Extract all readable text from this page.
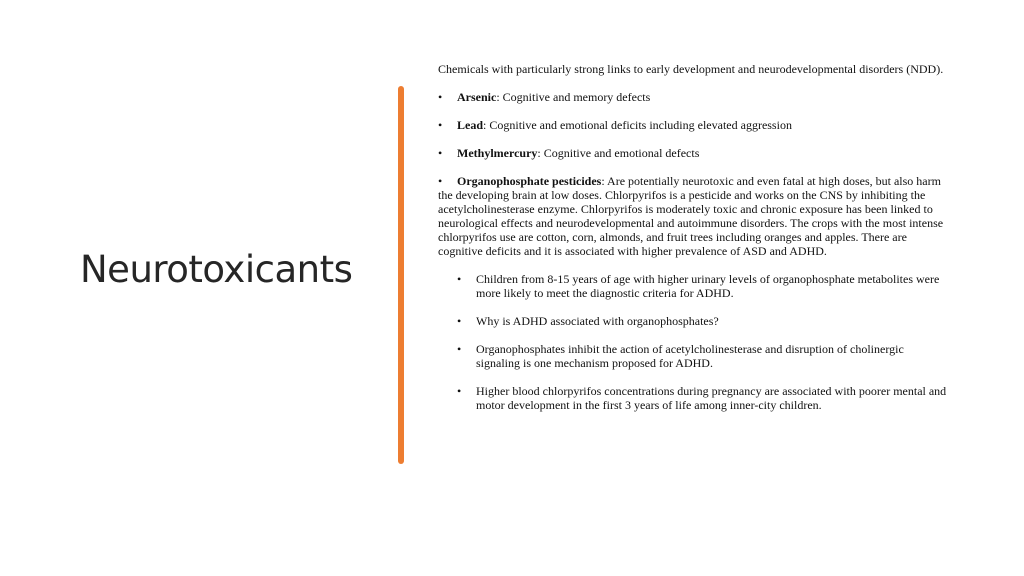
Neurotoxicants

Chemicals with particularly strong links to early development and neurodevelopmental disorders (NDD).

• Arsenic: Cognitive and memory defects

• Lead: Cognitive and emotional deficits including elevated aggression

• Methylmercury: Cognitive and emotional defects

• Organophosphate pesticides: Are potentially neurotoxic and even fatal at high doses, but also harm the developing brain at low doses. Chlorpyrifos is a pesticide and works on the CNS by inhibiting the acetylcholinesterase enzyme. Chlorpyrifos is moderately toxic and chronic exposure has been linked to neurological effects and neurodevelopmental and autoimmune disorders. The crops with the most intense chlorpyrifos use are cotton, corn, almonds, and fruit trees including oranges and apples. There are cognitive deficits and it is associated with higher prevalence of ASD and ADHD.

• Children from 8-15 years of age with higher urinary levels of organophosphate metabolites were more likely to meet the diagnostic criteria for ADHD.

• Why is ADHD associated with organophosphates?

• Organophosphates inhibit the action of acetylcholinesterase and disruption of cholinergic signaling is one mechanism proposed for ADHD.

• Higher blood chlorpyrifos concentrations during pregnancy are associated with poorer mental and motor development in the first 3 years of life among inner-city children.
